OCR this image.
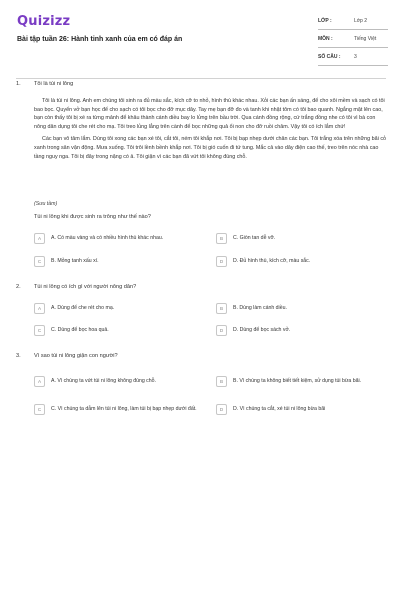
Quizizz
Bài tập tuần 26: Hành tinh xanh của em có đáp án
LỚP :	Lớp 2
MÔN :	Tiếng Việt
SỐ CÂU :	3
1. Tôi là túi ni lông

Tôi là túi ni lông. Anh em chúng tôi sinh ra đủ màu sắc, kích cỡ to nhỏ, hình thù khác nhau. Xỏi các bạn ấn sáng, để cho xôi mềm và sạch có tôi bao bọc. Quyển vở bạn học để cho sạch có tôi bọc cho đỡ mục dây. Tay mẹ bạn đỡ đo và tanh khi nhặt tôm có tôi bao quanh. Ngắng mặt lên cao, bạn còn thấy tôi bị xé ra từng mảnh để khâu thành cánh diều bay lo lửng trên bầu trời. Qua cánh đồng rộng, cứ trắng đồng nhe có tôi vì bà con nông dân dụng tôi che rét cho mạ. Tôi treo lủng lẳng trên cành để bọc những quả ổi non cho đỡ ruồi châm. Vậy tôi có ích lắm chứ!

Các bạn vô tâm lắm. Dùng tôi xong các bạn xé tôi, cắt tôi, ném tôi khắp nơi. Tôi bị bạp nhẹp dưới chân các bạn. Tôi trắng xóa trên những bãi cỏ xanh trong sân vận động. Mưa xuống. Tôi trôi lềnh bềnh khắp nơi. Tôi bị gió cuốn đi tứ tung. Mắc cả vào dây điện cao thế, treo trên nóc nhà cao tầng nguy nga. Tôi bị đây trong nặng có ả. Tôi giận vì các bạn đã vứt tôi không đúng chỗ.

(Sưu tầm)
Túi ni lông khi được sinh ra trông như thế nào?
A	A. Có màu vàng và có nhiều hình thù khác nhau.	B	C. Giòn tan dễ vỡ.
C	B. Mỏng tanh xấu xí.	D	D. Đủ hình thù, kích cỡ, màu sắc.
2. Túi ni lông có ích gì với người nông dân?
A	A. Dùng để che rét cho mạ.	B	B. Dùng làm cánh diều.
C	C. Dùng để bọc hoa quả.	D	D. Dùng để bọc sách vở.
3. Vì sao túi ni lông giận con người?
A	A. Vì chúng ta vứt túi ni lông không đúng chỗ.	B	B. Vì chúng ta không biết tiết kiệm, sử dụng túi bừa bãi.
C	C. Vì chúng ta dẫm lên túi ni lông, làm túi bị bạp nhẹp dưới đất.	D	D. Vì chúng ta cắt, xé túi ni lông bừa bãi
